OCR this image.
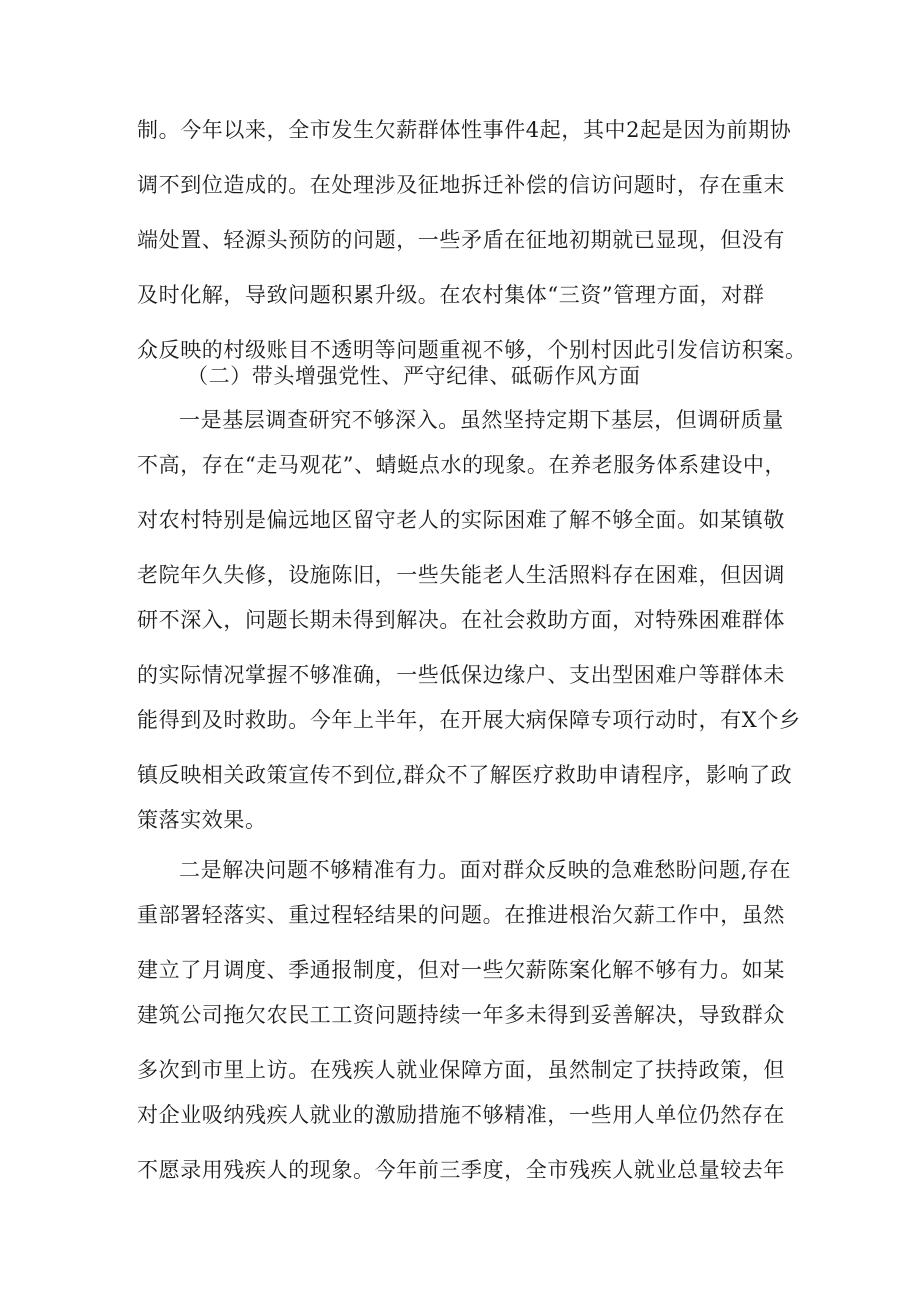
制。今年以来，全市发生欠薪群体性事件4起，其中2起是因为前期协
调不到位造成的。在处理涉及征地拆迁补偿的信访问题时，存在重末
端处置、轻源头预防的问题，一些矛盾在征地初期就已显现，但没有
及时化解，导致问题积累升级。在农村集体“三资”管理方面，对群
众反映的村级账目不透明等问题重视不够，个别村因此引发信访积案。
（二）带头增强党性、严守纪律、砥砺作风方面
一是基层调查研究不够深入。虽然坚持定期下基层，但调研质量
不高，存在“走马观花”、蜻蜓点水的现象。在养老服务体系建设中，
对农村特别是偏远地区留守老人的实际困难了解不够全面。如某镇敬
老院年久失修，设施陈旧，一些失能老人生活照料存在困难，但因调
研不深入，问题长期未得到解决。在社会救助方面，对特殊困难群体
的实际情况掌握不够准确，一些低保边缘户、支出型困难户等群体未
能得到及时救助。今年上半年，在开展大病保障专项行动时，有X个乡
镇反映相关政策宣传不到位,群众不了解医疗救助申请程序，影响了政
策落实效果。
二是解决问题不够精准有力。面对群众反映的急难愁盼问题,存在
重部署轻落实、重过程轻结果的问题。在推进根治欠薪工作中，虽然
建立了月调度、季通报制度，但对一些欠薪陈案化解不够有力。如某
建筑公司拖欠农民工工资问题持续一年多未得到妥善解决，导致群众
多次到市里上访。在残疾人就业保障方面，虽然制定了扶持政策，但
对企业吸纳残疾人就业的激励措施不够精准，一些用人单位仍然存在
不愿录用残疾人的现象。今年前三季度，全市残疾人就业总量较去年
